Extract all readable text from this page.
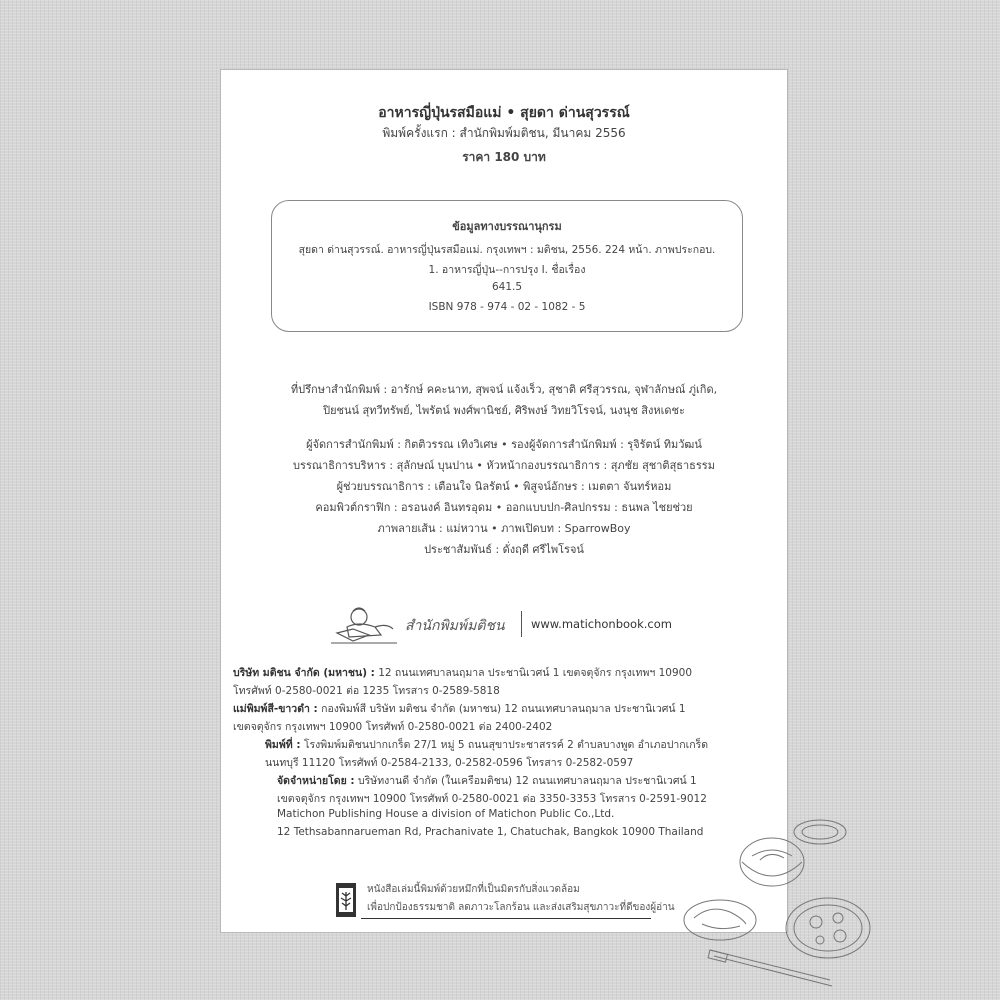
อาหารญี่ปุ่นรสมือแม่ • สุยดา ด่านสุวรรณ์
พิมพ์ครั้งแรก : สำนักพิมพ์มติชน, มีนาคม 2556
ราคา 180 บาท
ข้อมูลทางบรรณานุกรม
สุยดา ด่านสุวรรณ์. อาหารญี่ปุ่นรสมือแม่. กรุงเทพฯ : มติชน, 2556. 224 หน้า. ภาพประกอบ.
1. อาหารญี่ปุ่น--การปรุง I. ชื่อเรื่อง
641.5
ISBN 978 - 974 - 02 - 1082 - 5
ที่ปรึกษาสำนักพิมพ์ : อารักษ์ คคะนาท, สุพจน์ แจ้งเร็ว, สุชาติ ศรีสุวรรณ, จุฬาลักษณ์ ภู่เกิด,
ปิยชนน์ สุทวีทรัพย์, ไพรัตน์ พงศ์พานิชย์, ศิริพงษ์ วิทยวิโรจน์, นงนุช สิงหเดชะ
ผู้จัดการสำนักพิมพ์ : กิตติวรรณ เทิงวิเศษ • รองผู้จัดการสำนักพิมพ์ : รุจิรัตน์ ทิมวัฒน์
บรรณาธิการบริหาร : สุลักษณ์ บุนปาน • หัวหน้ากองบรรณาธิการ : สุภชัย สุชาติสุธาธรรม
ผู้ช่วยบรรณาธิการ : เตือนใจ นิลรัตน์ • พิสูจน์อักษร : เมตตา จันทร์หอม
คอมพิวต์กราฟิก : อรอนงค์ อินทรอุดม • ออกแบบปก-ศิลปกรรม : ธนพล ไชยช่วย
ภาพลายเส้น : แม่หวาน • ภาพเปิดบท : SparrowBoy
ประชาสัมพันธ์ : ดั่งฤดี ศรีไพโรจน์
สำนักพิมพ์มติชน www.matichonbook.com
บริษัท มติชน จำกัด (มหาชน) : 12 ถนนเทศบาลนฤมาล ประชานิเวศน์ 1 เขตจตุจักร กรุงเทพฯ 10900
โทรศัพท์ 0-2580-0021 ต่อ 1235 โทรสาร 0-2589-5818
แม่พิมพ์สี-ขาวดำ : กองพิมพ์สี บริษัท มติชน จำกัด (มหาชน) 12 ถนนเทศบาลนฤมาล ประชานิเวศน์ 1
เขตจตุจักร กรุงเทพฯ 10900 โทรศัพท์ 0-2580-0021 ต่อ 2400-2402
พิมพ์ที่ : โรงพิมพ์มติชนปากเกร็ด 27/1 หมู่ 5 ถนนสุขาประชาสรรค์ 2 ตำบลบางพูด อำเภอปากเกร็ด
นนทบุรี 11120 โทรศัพท์ 0-2584-2133, 0-2582-0596 โทรสาร 0-2582-0597
จัดจำหน่ายโดย : บริษัทงานดี จำกัด (ในเครือมติชน) 12 ถนนเทศบาลนฤมาล ประชานิเวศน์ 1
เขตจตุจักร กรุงเทพฯ 10900 โทรศัพท์ 0-2580-0021 ต่อ 3350-3353 โทรสาร 0-2591-9012
Matichon Publishing House a division of Matichon Public Co.,Ltd.
12 Tethsabannarueman Rd, Prachanivate 1, Chatuchak, Bangkok 10900 Thailand
หนังสือเล่มนี้พิมพ์ด้วยหมึกที่เป็นมิตรกับสิ่งแวดล้อม
เพื่อปกป้องธรรมชาติ ลดภาวะโลกร้อน และส่งเสริมสุขภาวะที่ดีของผู้อ่าน
